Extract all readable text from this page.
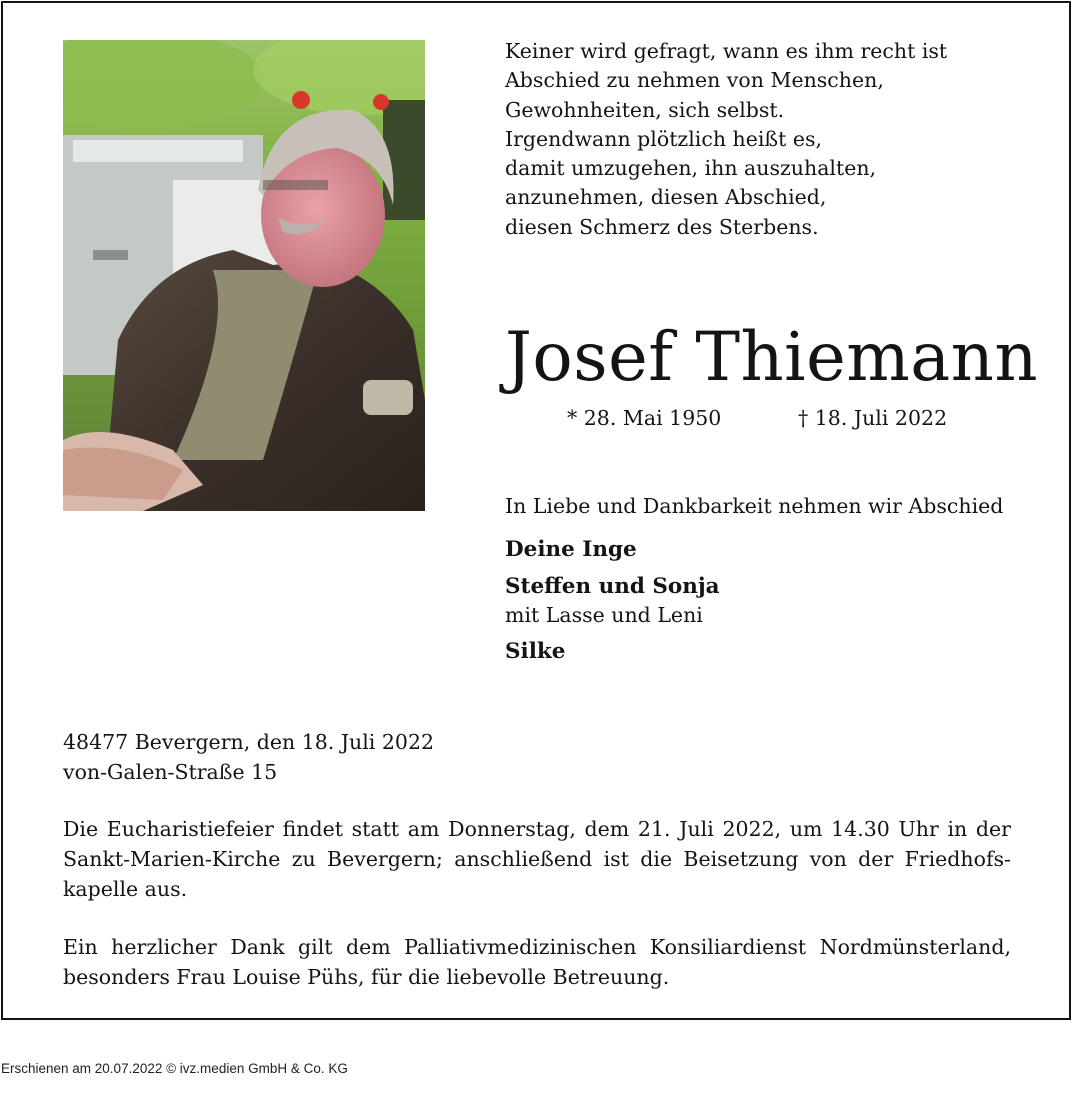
Keiner wird gefragt, wann es ihm recht ist
Abschied zu nehmen von Menschen,
Gewohnheiten, sich selbst.
Irgendwann plötzlich heißt es,
damit umzugehen, ihn auszuhalten,
anzunehmen, diesen Abschied,
diesen Schmerz des Sterbens.
Josef Thiemann
* 28. Mai 1950	† 18. Juli 2022
In Liebe und Dankbarkeit nehmen wir Abschied
Deine Inge
Steffen und Sonja
mit Lasse und Leni
Silke
48477 Bevergern, den 18. Juli 2022
von-Galen-Straße 15
Die Eucharistiefeier findet statt am Donnerstag, dem 21. Juli 2022, um 14.30 Uhr in der Sankt-Marien-Kirche zu Bevergern; anschließend ist die Beisetzung von der Friedhofs-kapelle aus.
Ein herzlicher Dank gilt dem Palliativmedizinischen Konsiliardienst Nordmünsterland, besonders Frau Louise Pühs, für die liebevolle Betreuung.
Erschienen am 20.07.2022 © ivz.medien GmbH & Co. KG
